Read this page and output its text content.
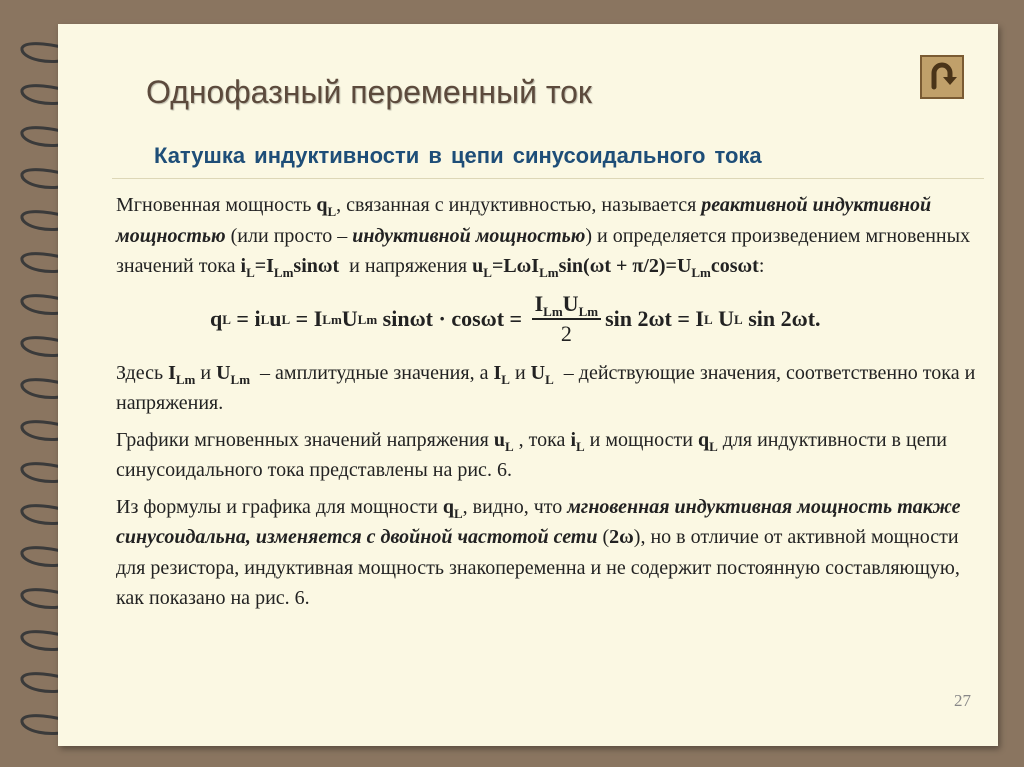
Однофазный переменный ток
Катушка индуктивности в цепи синусоидального тока

Мгновенная мощность $q_L$, связанная с индуктивностью, называется реактивной индуктивной мощностью (или просто – индуктивной мощностью) и определяется произведением мгновенных значений тока $i_L=I_{Lm}\sin\omega t$  и напряжения $u_L=L\omega I_{Lm}\sin(\omega t + \pi/2)=U_{Lm}\cos\omega t$:

q L = i L u L = I Lm U Lm $\sin\omega t \cdot \cos\omega t = \frac{I_{Lm}U_{Lm}}{2}$ sin 2ωt = I L U L sin 2ωt.

Здесь $I_{Lm}$ и $U_{Lm}$  – амплитудные значения, а $I_L$ и $U_L$  – действующие значения, соответственно тока и напряжения.

Графики мгновенных значений напряжения $u_L$ , тока $i_L$ и мощности $q_L$ для индуктивности в цепи синусоидального тока представлены на рис. 6.

Из формулы и графика для мощности $q_L$, видно, что мгновенная индуктивная мощность также синусоидальна, изменяется с двойной частотой сети (2ω), но в отличие от активной мощности для резистора, индуктивная мощность знакопеременна и не содержит постоянную составляющую, как показано на рис. 6.

27
